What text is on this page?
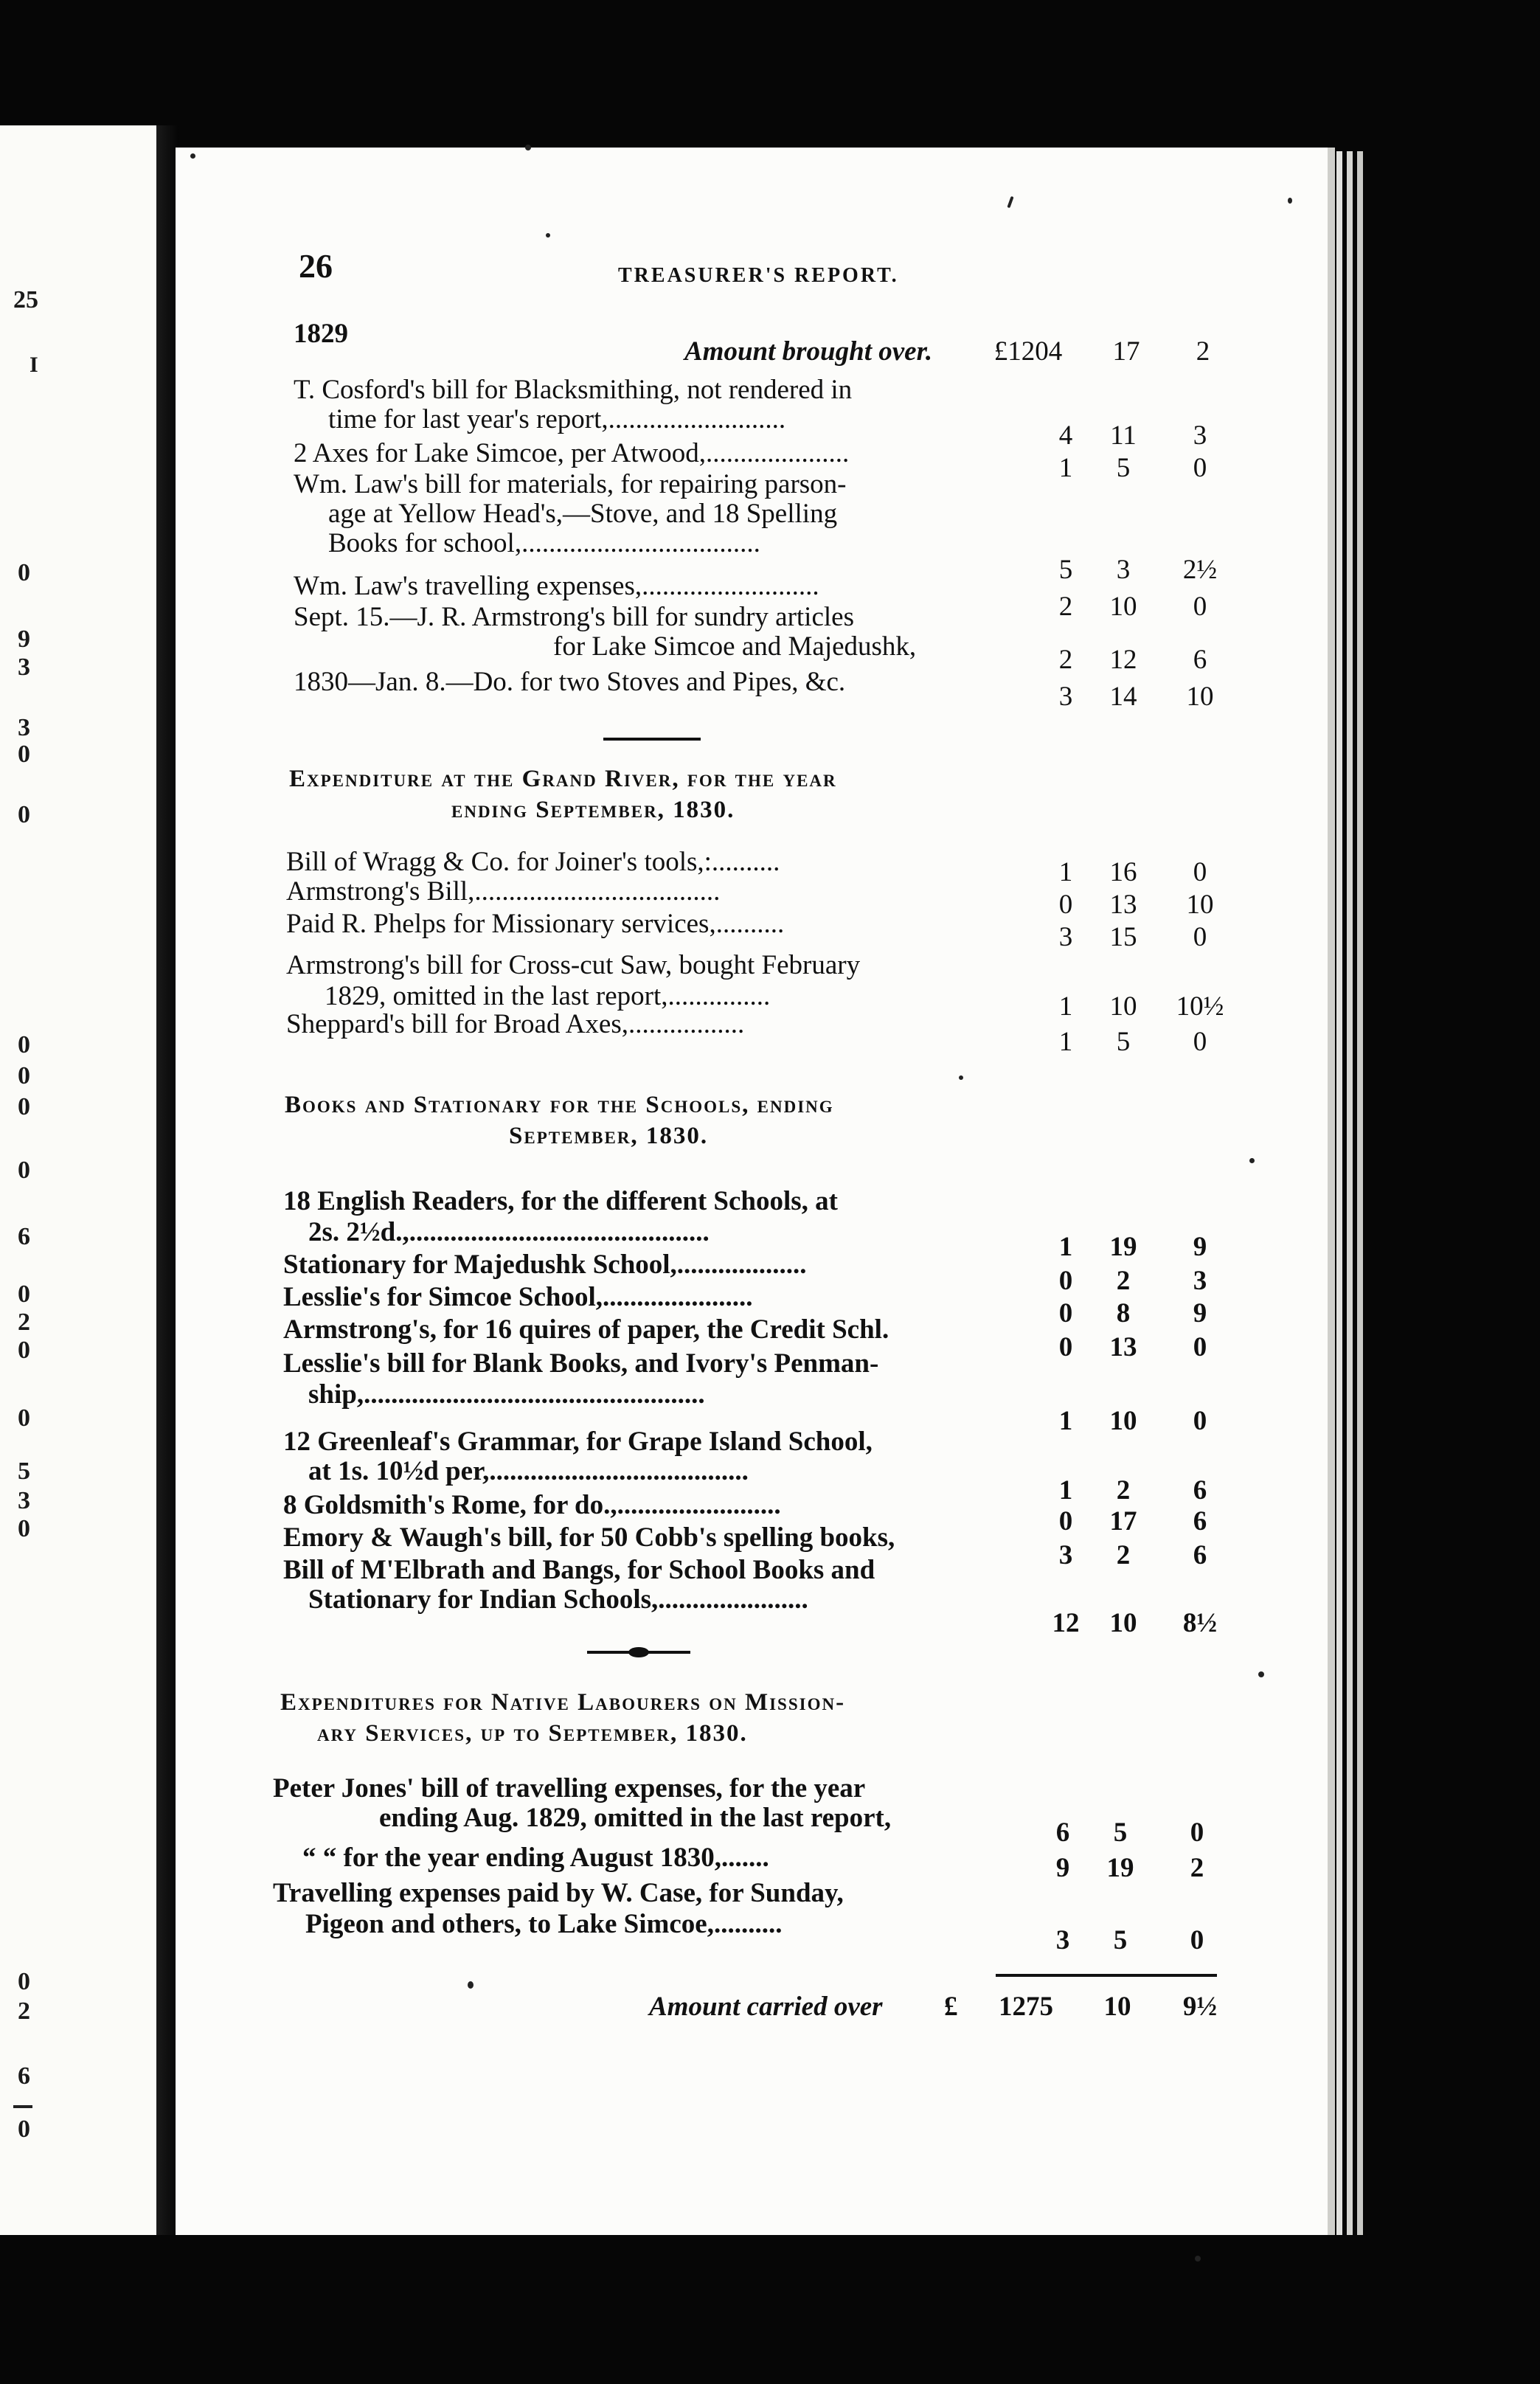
25
I
0
9
3
3
0
0
0
0
0
0
6
0
2
0
0
5
3
0
0
2
6
0
26	TREASURER'S REPORT.
1829
Amount brought over.	£1204	17	2
T. Cosford's bill for Blacksmithing, not rendered in
time for last year's report,..........................
4	11	3
2 Axes for Lake Simcoe, per Atwood,.....................	1	5	0
Wm. Law's bill for materials, for repairing parson-
age at Yellow Head's,—Stove, and 18 Spelling
Books for school,...................................
5	3	2½
Wm. Law's travelling expenses,..........................
2	10	0
Sept. 15.—J. R. Armstrong's bill for sundry articles
for Lake Simcoe and Majedushk,	2	12	6
1830—Jan. 8.—Do. for two Stoves and Pipes, &c.	3	14	10
Expenditure at the Grand River, for the year
ending September, 1830.
Bill of Wragg & Co. for Joiner's tools,:..........	1	16	0
Armstrong's Bill,....................................	0	13	10
Paid R. Phelps for Missionary services,..........	3	15	0
Armstrong's bill for Cross-cut Saw, bought February
1829, omitted in the last report,...............	1	10	10½
Sheppard's bill for Broad Axes,.................
1	5	0
Books and Stationary for the Schools, ending
September, 1830.
18 English Readers, for the different Schools, at
2s. 2½d.,............................................	1	19	9
Stationary for Majedushk School,...................
0	2	3
Lesslie's for Simcoe School,......................
0	8	9
Armstrong's, for 16 quires of paper, the Credit Schl.
0	13	0
Lesslie's bill for Blank Books, and Ivory's Penman-
ship,..................................................
1	10	0
12 Greenleaf's Grammar, for Grape Island School,
at 1s. 10½d per,......................................
1	2	6
8 Goldsmith's Rome, for do.,........................
0	17	6
Emory & Waugh's bill, for 50 Cobb's spelling books,
3	2	6
Bill of M'Elbrath and Bangs, for School Books and
Stationary for Indian Schools,......................
12	10	8½
Expenditures for Native Labourers on Mission-
ary Services, up to September, 1830.
Peter Jones' bill of travelling expenses, for the year
ending Aug. 1829, omitted in the last report,	6	5	0
“ “ for the year ending August 1830,.......	9	19	2
Travelling expenses paid by W. Case, for Sunday,
Pigeon and others, to Lake Simcoe,..........
3	5	0
Amount carried over £	1275	10	9½
